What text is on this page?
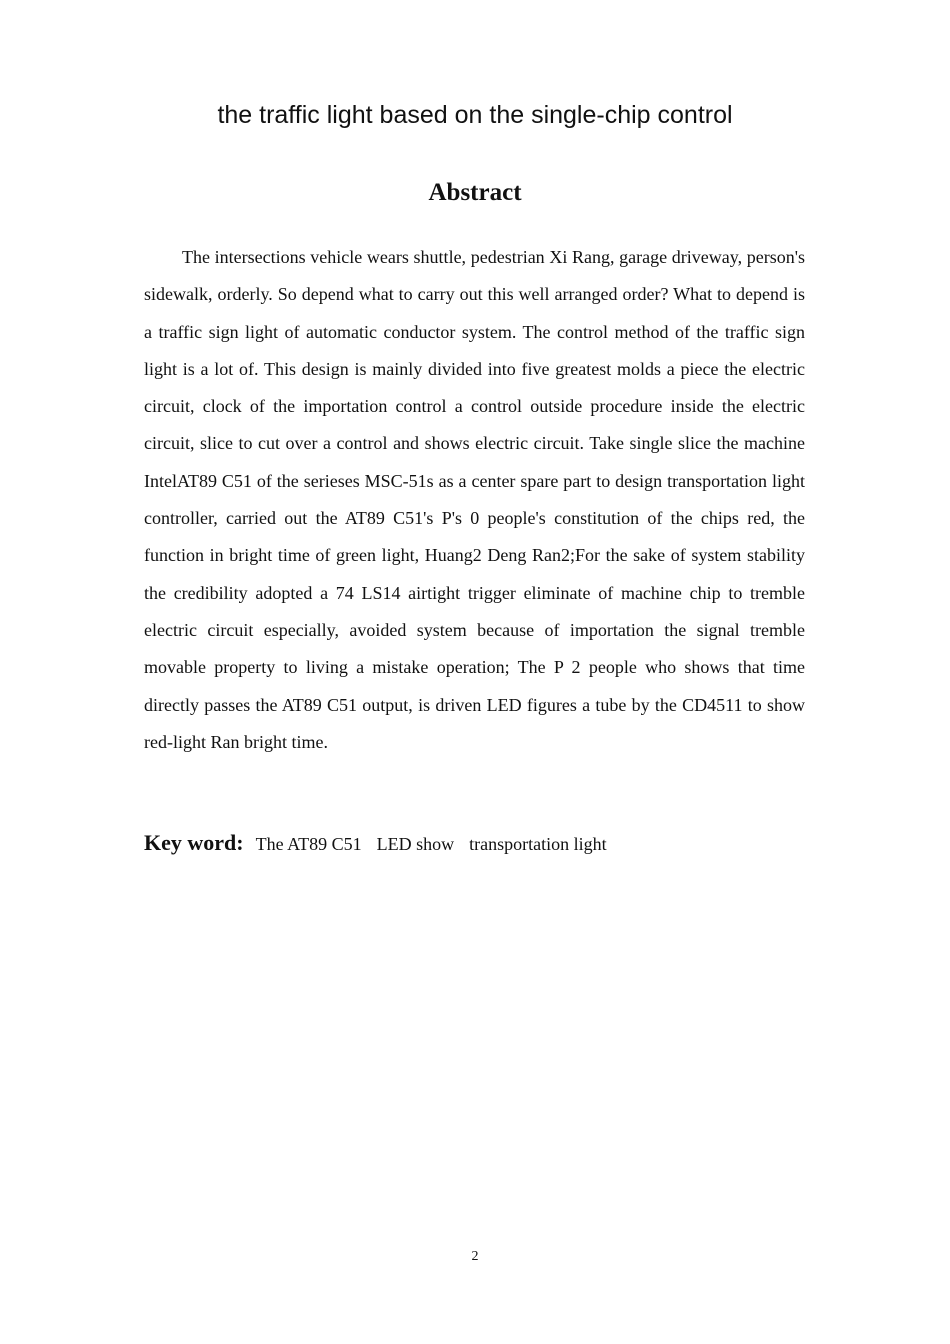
the traffic light based on the single-chip control
Abstract

The intersections vehicle wears shuttle, pedestrian Xi Rang, garage driveway, person's sidewalk, orderly. So depend what to carry out this well arranged order? What to depend is a traffic sign light of automatic conductor system. The control method of the traffic sign light is a lot of. This design is mainly divided into five greatest molds a piece the electric circuit, clock of the importation control a control outside procedure inside the electric circuit, slice to cut over a control and shows electric circuit. Take single slice the machine IntelAT89 C51 of the serieses MSC-51s as a center spare part to design transportation light controller, carried out the AT89 C51's P's 0 people's constitution of the chips red, the function in bright time of green light, Huang2 Deng Ran2;For the sake of system stability the credibility adopted a 74 LS14 airtight trigger eliminate of machine chip to tremble electric circuit especially, avoided system because of importation the signal tremble movable property to living a mistake operation; The P 2 people who shows that time directly passes the AT89 C51 output, is driven LED figures a tube by the CD4511 to show red-light Ran bright time.

Key word: The AT89 C51 LED show transportation light
2
